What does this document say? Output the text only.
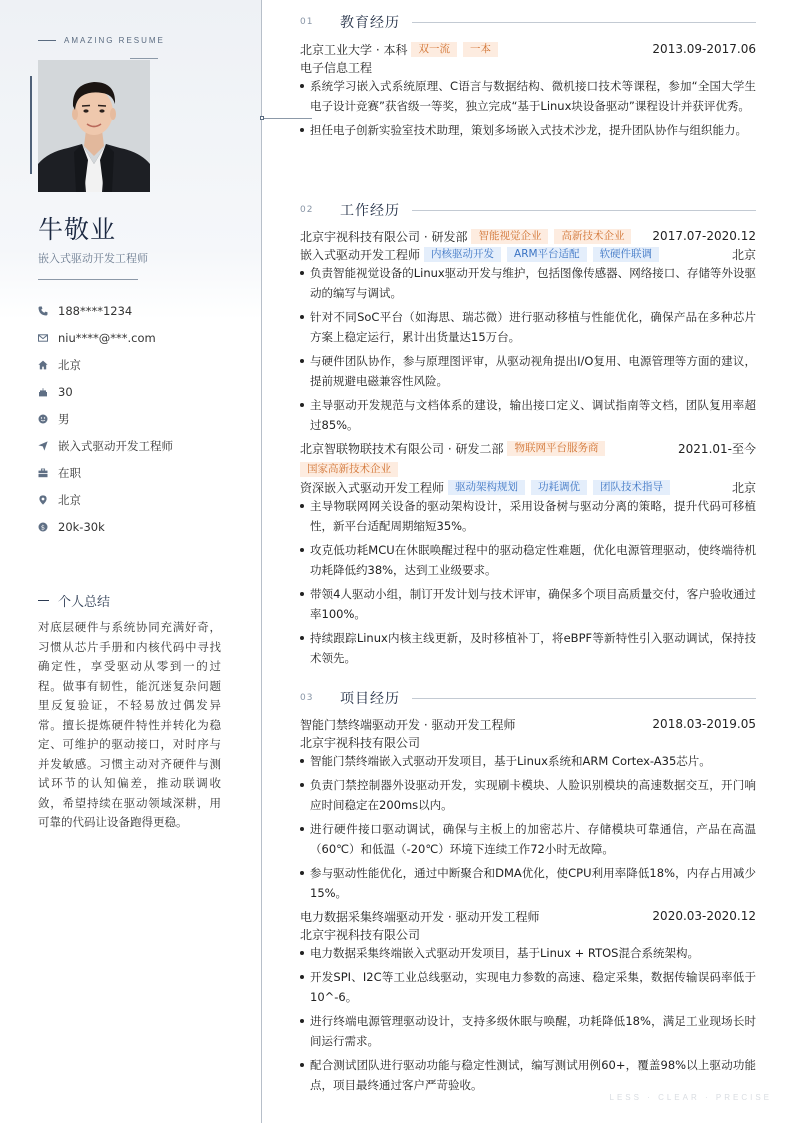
AMAZING RESUME
牛敬业
嵌入式驱动开发工程师
188****1234
niu****@***.com
北京
30
男
嵌入式驱动开发工程师
在职
北京
$ 20k-30k
个人总结
对底层硬件与系统协同充满好奇，习惯从芯片手册和内核代码中寻找确定性，享受驱动从零到一的过程。做事有韧性，能沉迷复杂问题里反复验证，不轻易放过偶发异常。擅长提炼硬件特性并转化为稳定、可维护的驱动接口，对时序与并发敏感。习惯主动对齐硬件与测试环节的认知偏差，推动联调收敛，希望持续在驱动领域深耕，用可靠的代码让设备跑得更稳。
01	教育经历
北京工业大学 · 本科	双一流	一本	2013.09-2017.06
电子信息工程
系统学习嵌入式系统原理、C语言与数据结构、微机接口技术等课程，参加“全国大学生电子设计竞赛”获省级一等奖，独立完成“基于Linux块设备驱动”课程设计并获评优秀。
担任电子创新实验室技术助理，策划多场嵌入式技术沙龙，提升团队协作与组织能力。
02	工作经历
北京宇视科技有限公司 · 研发部	智能视觉企业	高新技术企业	2017.07-2020.12
嵌入式驱动开发工程师	内核驱动开发	ARM平台适配	软硬件联调	北京
负责智能视觉设备的Linux驱动开发与维护，包括图像传感器、网络接口、存储等外设驱动的编写与调试。
针对不同SoC平台（如海思、瑞芯微）进行驱动移植与性能优化，确保产品在多种芯片方案上稳定运行，累计出货量达15万台。
与硬件团队协作，参与原理图评审，从驱动视角提出I/O复用、电源管理等方面的建议，提前规避电磁兼容性风险。
主导驱动开发规范与文档体系的建设，输出接口定义、调试指南等文档，团队复用率超过85%。
北京智联物联技术有限公司 · 研发二部	物联网平台服务商	2021.01-至今
国家高新技术企业
资深嵌入式驱动开发工程师	驱动架构规划	功耗调优	团队技术指导	北京
主导物联网网关设备的驱动架构设计，采用设备树与驱动分离的策略，提升代码可移植性，新平台适配周期缩短35%。
攻克低功耗MCU在休眠唤醒过程中的驱动稳定性难题，优化电源管理驱动，使终端待机功耗降低约38%，达到工业级要求。
带领4人驱动小组，制订开发计划与技术评审，确保多个项目高质量交付，客户验收通过率100%。
持续跟踪Linux内核主线更新，及时移植补丁，将eBPF等新特性引入驱动调试，保持技术领先。
03	项目经历
智能门禁终端驱动开发 · 驱动开发工程师	2018.03-2019.05
北京宇视科技有限公司
智能门禁终端嵌入式驱动开发项目，基于Linux系统和ARM Cortex-A35芯片。
负责门禁控制器外设驱动开发，实现刷卡模块、人脸识别模块的高速数据交互，开门响应时间稳定在200ms以内。
进行硬件接口驱动调试，确保与主板上的加密芯片、存储模块可靠通信，产品在高温（60℃）和低温（-20℃）环境下连续工作72小时无故障。
参与驱动性能优化，通过中断聚合和DMA优化，使CPU利用率降低18%，内存占用减少15%。
电力数据采集终端驱动开发 · 驱动开发工程师	2020.03-2020.12
北京宇视科技有限公司
电力数据采集终端嵌入式驱动开发项目，基于Linux + RTOS混合系统架构。
开发SPI、I2C等工业总线驱动，实现电力参数的高速、稳定采集，数据传输误码率低于10^-6。
进行终端电源管理驱动设计，支持多级休眠与唤醒，功耗降低18%，满足工业现场长时间运行需求。
配合测试团队进行驱动功能与稳定性测试，编写测试用例60+，覆盖98%以上驱动功能点，项目最终通过客户严苛验收。
LESS · CLEAR · PRECISE
